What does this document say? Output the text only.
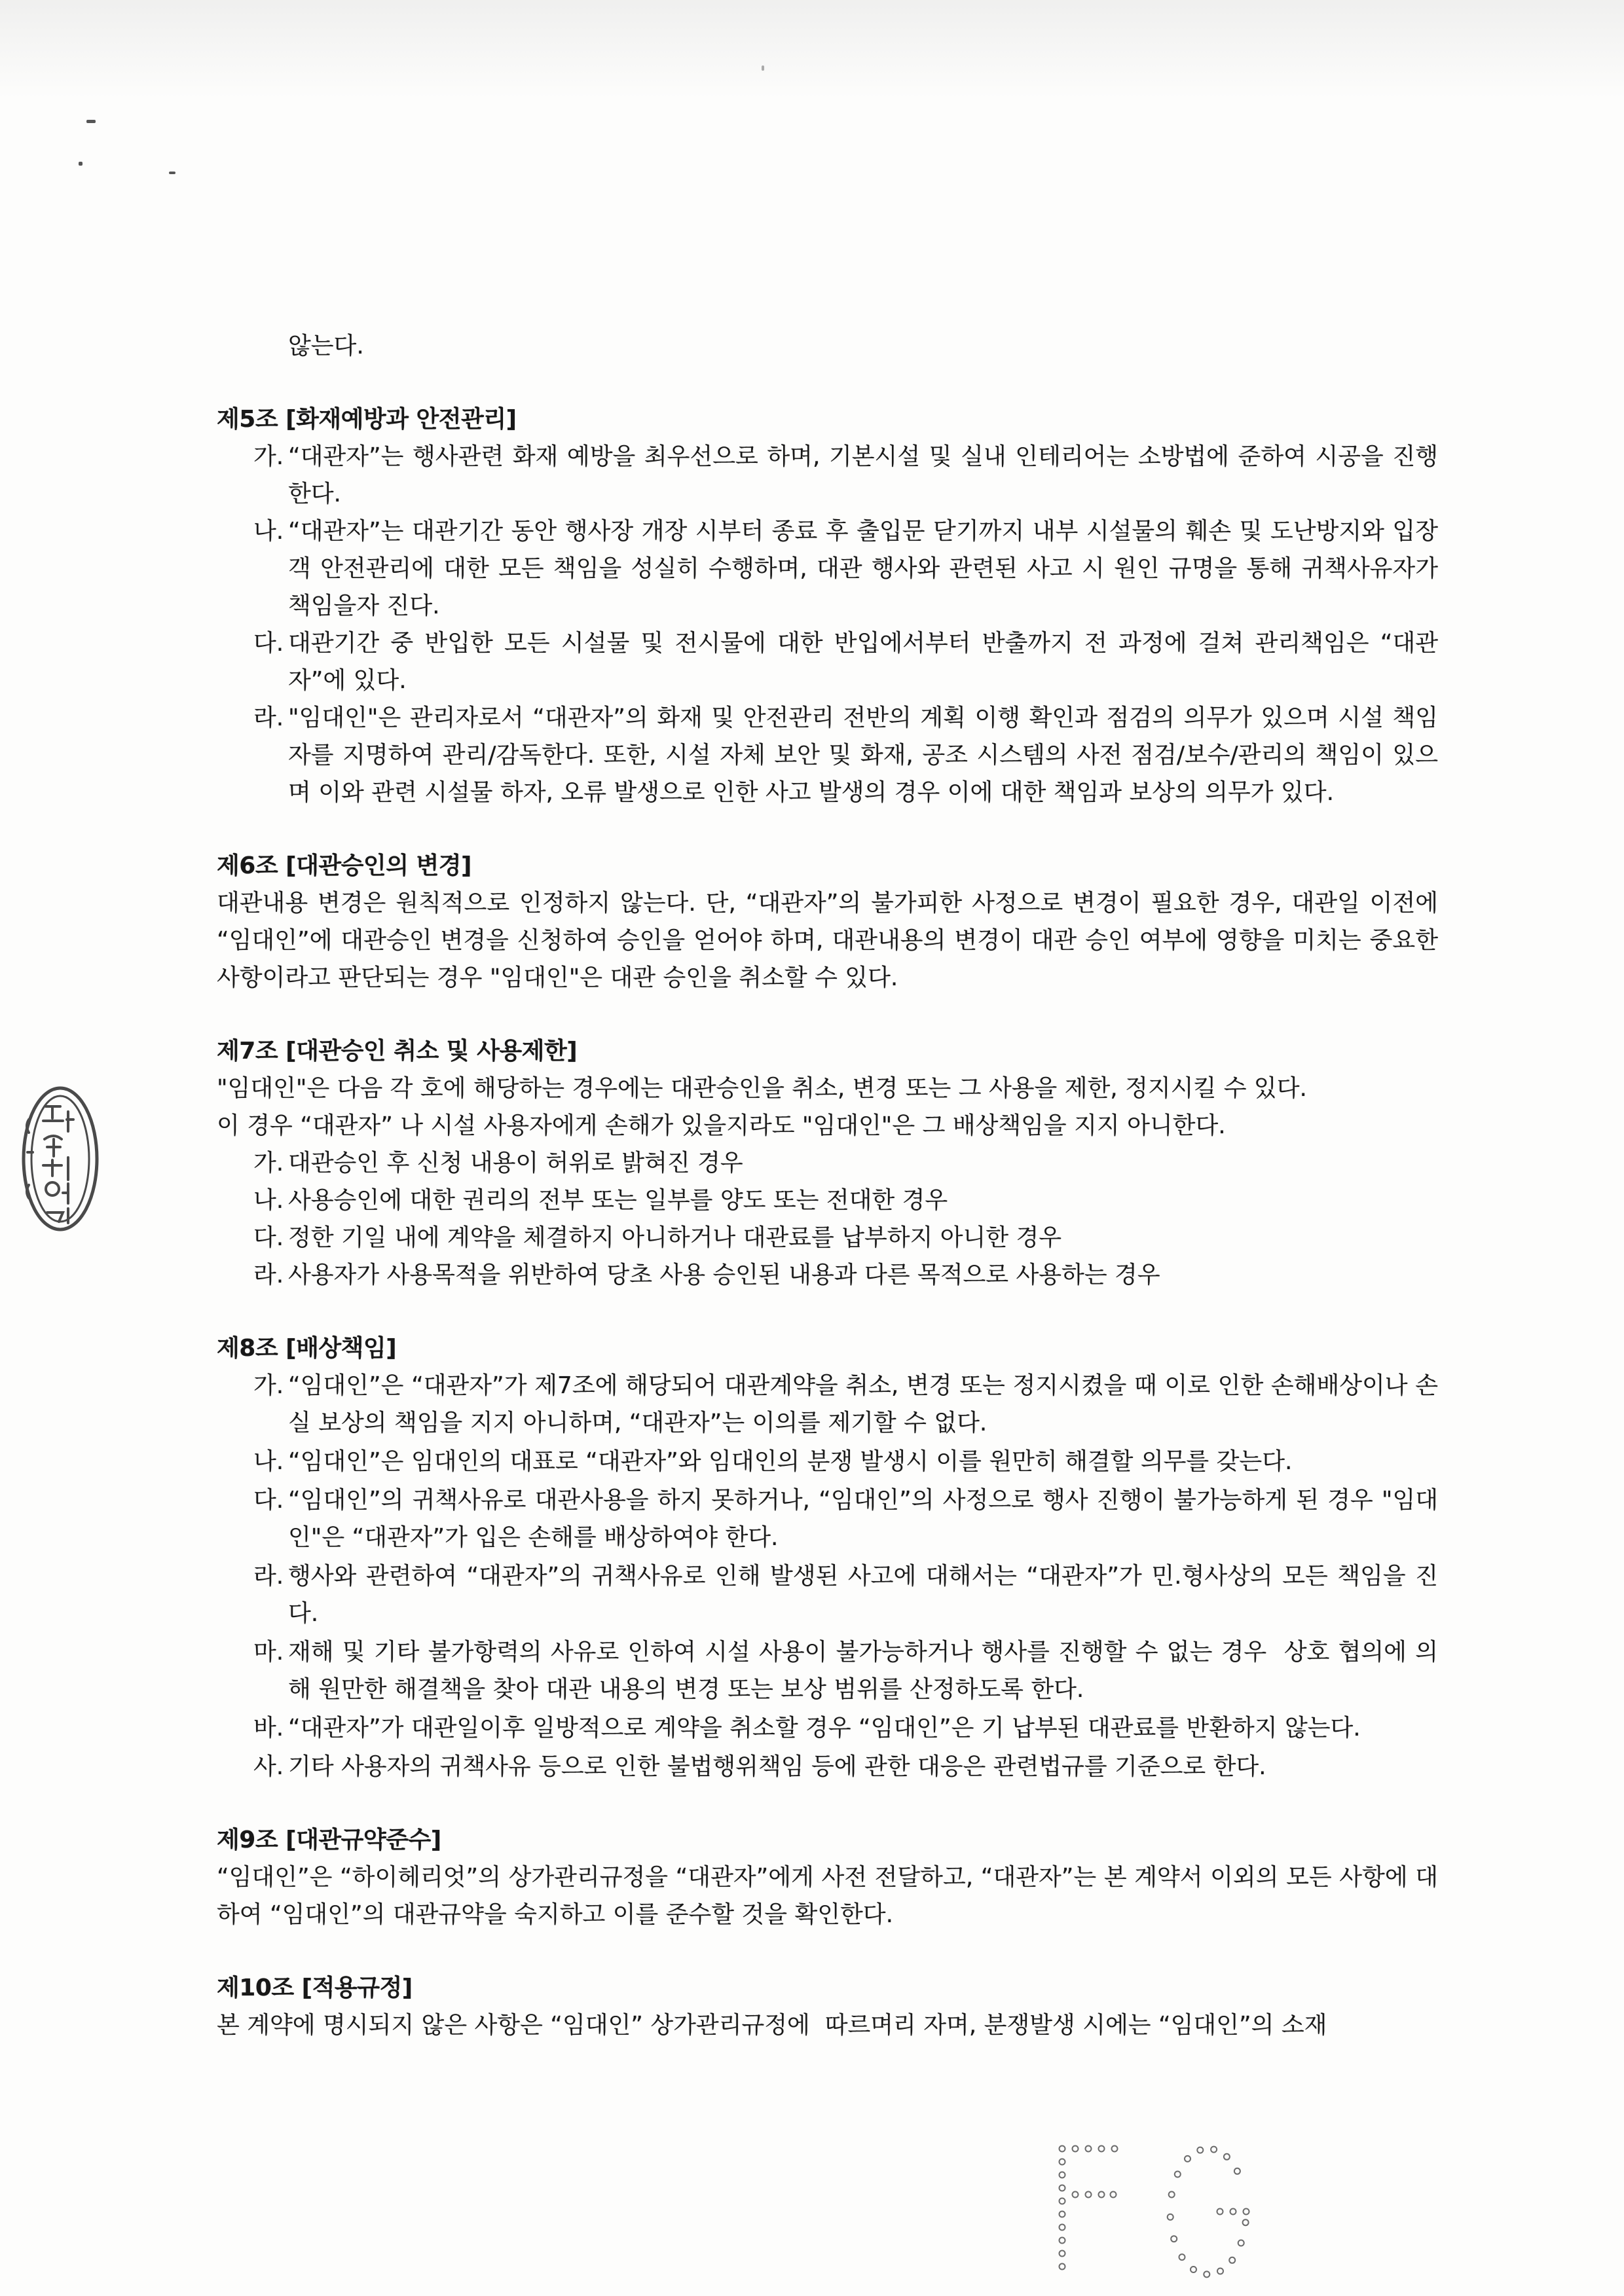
않는다.

제5조 [화재예방과 안전관리]
가. “대관자”는 행사관련 화재 예방을 최우선으로 하며, 기본시설 및 실내 인테리어는 소방법에 준하여 시공을 진행한다.
나. “대관자”는 대관기간 동안 행사장 개장 시부터 종료 후 출입문 닫기까지 내부 시설물의 훼손 및 도난방지와 입장객 안전관리에 대한 모든 책임을 성실히 수행하며, 대관 행사와 관련된 사고 시 원인 규명을 통해 귀책사유자가 책임을자 진다.
다. 대관기간 중 반입한 모든 시설물 및 전시물에 대한 반입에서부터 반출까지 전 과정에 걸쳐 관리책임은 “대관자”에 있다.
라. "임대인"은 관리자로서 “대관자”의 화재 및 안전관리 전반의 계획 이행 확인과 점검의 의무가 있으며 시설 책임자를 지명하여 관리/감독한다. 또한, 시설 자체 보안 및 화재, 공조 시스템의 사전 점검/보수/관리의 책임이 있으며 이와 관련 시설물 하자, 오류 발생으로 인한 사고 발생의 경우 이에 대한 책임과 보상의 의무가 있다.
제6조 [대관승인의 변경]

대관내용 변경은 원칙적으로 인정하지 않는다. 단, “대관자”의 불가피한 사정으로 변경이 필요한 경우, 대관일 이전에 “임대인”에 대관승인 변경을 신청하여 승인을 얻어야 하며, 대관내용의 변경이 대관 승인 여부에 영향을 미치는 중요한 사항이라고 판단되는 경우 "임대인"은 대관 승인을 취소할 수 있다.

제7조 [대관승인 취소 및 사용제한]

"임대인"은 다음 각 호에 해당하는 경우에는 대관승인을 취소, 변경 또는 그 사용을 제한, 정지시킬 수 있다.

이 경우 “대관자” 나 시설 사용자에게 손해가 있을지라도 "임대인"은 그 배상책임을 지지 아니한다.

가. 대관승인 후 신청 내용이 허위로 밝혀진 경우
나. 사용승인에 대한 권리의 전부 또는 일부를 양도 또는 전대한 경우
다. 정한 기일 내에 계약을 체결하지 아니하거나 대관료를 납부하지 아니한 경우
라. 사용자가 사용목적을 위반하여 당초 사용 승인된 내용과 다른 목적으로 사용하는 경우
제8조 [배상책임]
가. “임대인”은 “대관자”가 제7조에 해당되어 대관계약을 취소, 변경 또는 정지시켰을 때 이로 인한 손해배상이나 손실 보상의 책임을 지지 아니하며, “대관자”는 이의를 제기할 수 없다.
나. “임대인”은 임대인의 대표로 “대관자”와 임대인의 분쟁 발생시 이를 원만히 해결할 의무를 갖는다.
다. “임대인”의 귀책사유로 대관사용을 하지 못하거나, “임대인”의 사정으로 행사 진행이 불가능하게 된 경우 "임대인"은 “대관자”가 입은 손해를 배상하여야 한다.
라. 행사와 관련하여 “대관자”의 귀책사유로 인해 발생된 사고에 대해서는 “대관자”가 민.형사상의 모든 책임을 진다.
마. 재해 및 기타 불가항력의 사유로 인하여 시설 사용이 불가능하거나 행사를 진행할 수 없는 경우  상호 협의에 의해 원만한 해결책을 찾아 대관 내용의 변경 또는 보상 범위를 산정하도록 한다.
바. “대관자”가 대관일이후 일방적으로 계약을 취소할 경우 “임대인”은 기 납부된 대관료를 반환하지 않는다.
사. 기타 사용자의 귀책사유 등으로 인한 불법행위책임 등에 관한 대응은 관련법규를 기준으로 한다.
제9조 [대관규약준수]

“임대인”은 “하이헤리엇”의 상가관리규정을 “대관자”에게 사전 전달하고, “대관자”는 본 계약서 이외의 모든 사항에 대하여 “임대인”의 대관규약을 숙지하고 이를 준수할 것을 확인한다.

제10조 [적용규정]

본 계약에 명시되지 않은 사항은 “임대인” 상가관리규정에  따르며리 자며, 분쟁발생 시에는 “임대인”의 소재
